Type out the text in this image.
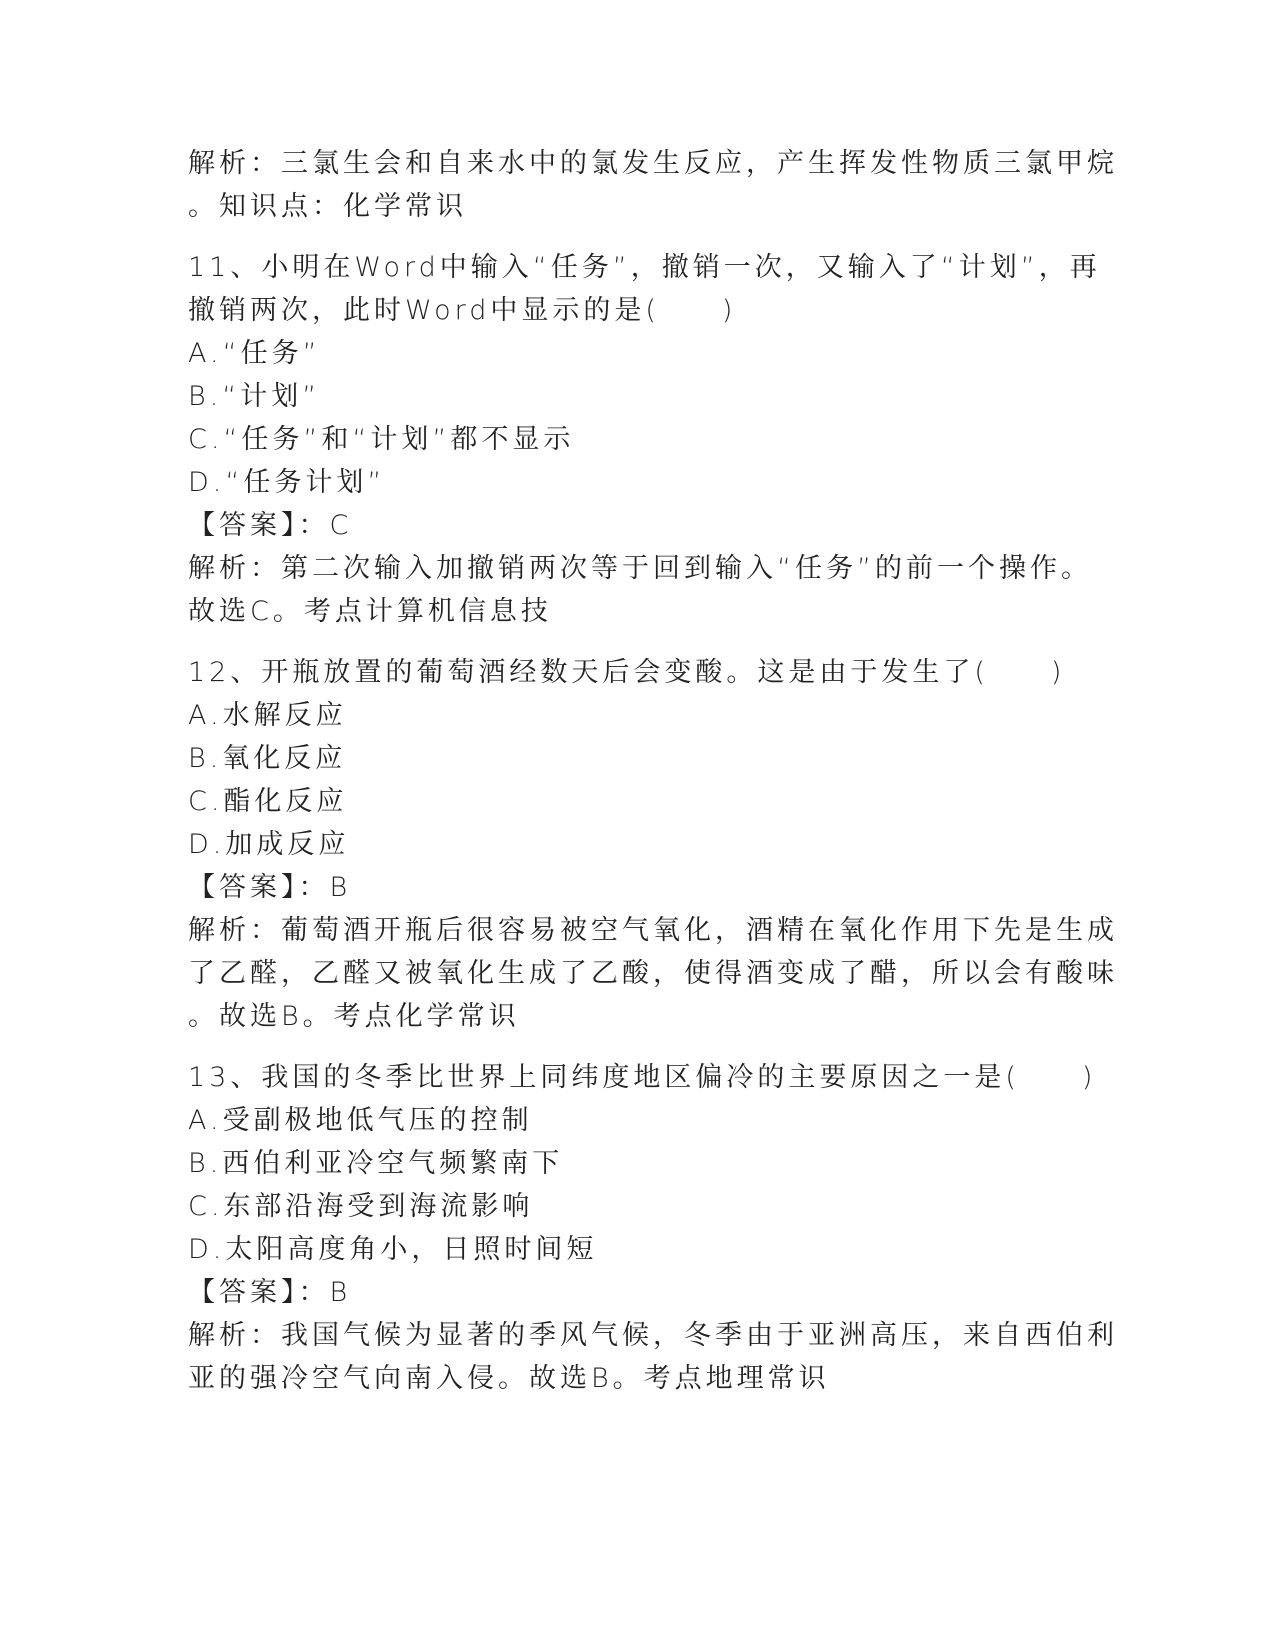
解析：三氯生会和自来水中的氯发生反应，产生挥发性物质三氯甲烷
。知识点：化学常识
11、小明在Word中输入“任务”，撤销一次，又输入了“计划”，再
撤销两次，此时Word中显示的是(　　)
A.“任务”
B.“计划”
C.“任务”和“计划”都不显示
D.“任务计划”
【答案】：C
解析：第二次输入加撤销两次等于回到输入“任务”的前一个操作。
故选C。考点计算机信息技
12、开瓶放置的葡萄酒经数天后会变酸。这是由于发生了(　　)
A.水解反应
B.氧化反应
C.酯化反应
D.加成反应
【答案】：B
解析：葡萄酒开瓶后很容易被空气氧化，酒精在氧化作用下先是生成
了乙醛，乙醛又被氧化生成了乙酸，使得酒变成了醋，所以会有酸味
。故选B。考点化学常识
13、我国的冬季比世界上同纬度地区偏冷的主要原因之一是(　　)
A.受副极地低气压的控制
B.西伯利亚冷空气频繁南下
C.东部沿海受到海流影响
D.太阳高度角小，日照时间短
【答案】：B
解析：我国气候为显著的季风气候，冬季由于亚洲高压，来自西伯利
亚的强冷空气向南入侵。故选B。考点地理常识
